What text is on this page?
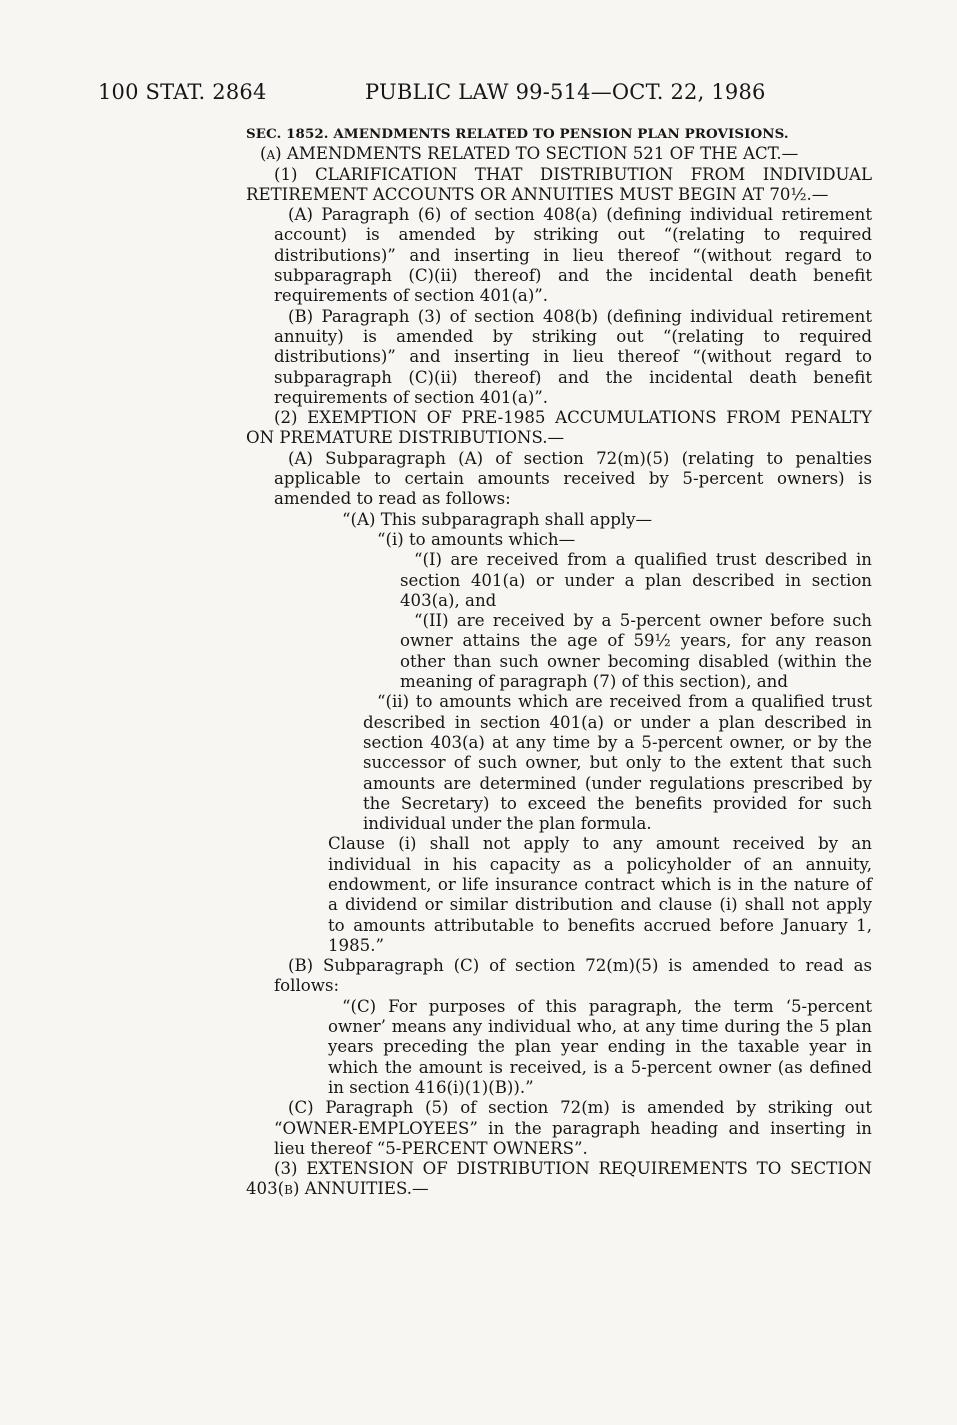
100 STAT. 2864	PUBLIC LAW 99-514—OCT. 22, 1986

SEC. 1852. AMENDMENTS RELATED TO PENSION PLAN PROVISIONS.

(a) AMENDMENTS RELATED TO SECTION 521 OF THE ACT.—

(1) CLARIFICATION THAT DISTRIBUTION FROM INDIVIDUAL RETIREMENT ACCOUNTS OR ANNUITIES MUST BEGIN AT 70½.—

(A) Paragraph (6) of section 408(a) (defining individual retirement account) is amended by striking out “(relating to required distributions)” and inserting in lieu thereof “(without regard to subparagraph (C)(ii) thereof) and the incidental death benefit requirements of section 401(a)”.

(B) Paragraph (3) of section 408(b) (defining individual retirement annuity) is amended by striking out “(relating to required distributions)” and inserting in lieu thereof “(without regard to subparagraph (C)(ii) thereof) and the incidental death benefit requirements of section 401(a)”.

(2) EXEMPTION OF PRE-1985 ACCUMULATIONS FROM PENALTY ON PREMATURE DISTRIBUTIONS.—

(A) Subparagraph (A) of section 72(m)(5) (relating to penalties applicable to certain amounts received by 5-percent owners) is amended to read as follows:

“(A) This subparagraph shall apply—

“(i) to amounts which—

“(I) are received from a qualified trust described in section 401(a) or under a plan described in section 403(a), and

“(II) are received by a 5-percent owner before such owner attains the age of 59½ years, for any reason other than such owner becoming disabled (within the meaning of paragraph (7) of this section), and

“(ii) to amounts which are received from a qualified trust described in section 401(a) or under a plan described in section 403(a) at any time by a 5-percent owner, or by the successor of such owner, but only to the extent that such amounts are determined (under regulations prescribed by the Secretary) to exceed the benefits provided for such individual under the plan formula.

Clause (i) shall not apply to any amount received by an individual in his capacity as a policyholder of an annuity, endowment, or life insurance contract which is in the nature of a dividend or similar distribution and clause (i) shall not apply to amounts attributable to benefits accrued before January 1, 1985.”

(B) Subparagraph (C) of section 72(m)(5) is amended to read as follows:

“(C) For purposes of this paragraph, the term ‘5-percent owner’ means any individual who, at any time during the 5 plan years preceding the plan year ending in the taxable year in which the amount is received, is a 5-percent owner (as defined in section 416(i)(1)(B)).”

(C) Paragraph (5) of section 72(m) is amended by striking out “OWNER-EMPLOYEES” in the paragraph heading and inserting in lieu thereof “5-PERCENT OWNERS”.

(3) EXTENSION OF DISTRIBUTION REQUIREMENTS TO SECTION 403(b) ANNUITIES.—
